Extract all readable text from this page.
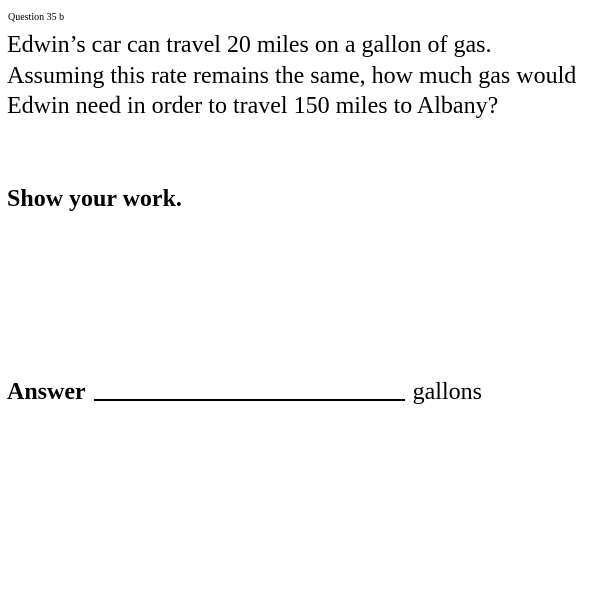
Question 35 b

Edwin’s car can travel 20 miles on a gallon of gas. Assuming this rate remains the same, how much gas would Edwin need in order to travel 150 miles to Albany?

Show your work.
Answer	gallons
